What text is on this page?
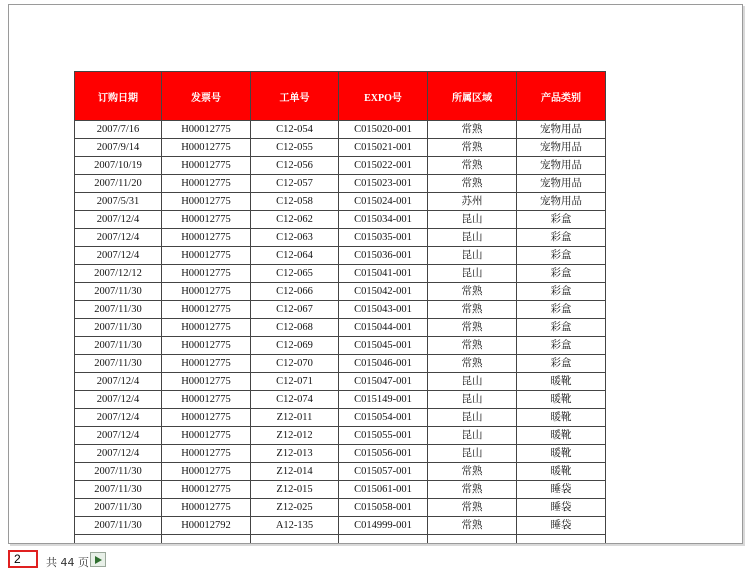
订购日期	发票号	工单号	EXPO号	所属区域	产品类别
2007/7/16	H00012775	C12-054	C015020-001	常熟	宠物用品
2007/9/14	H00012775	C12-055	C015021-001	常熟	宠物用品
2007/10/19	H00012775	C12-056	C015022-001	常熟	宠物用品
2007/11/20	H00012775	C12-057	C015023-001	常熟	宠物用品
2007/5/31	H00012775	C12-058	C015024-001	苏州	宠物用品
2007/12/4	H00012775	C12-062	C015034-001	昆山	彩盒
2007/12/4	H00012775	C12-063	C015035-001	昆山	彩盒
2007/12/4	H00012775	C12-064	C015036-001	昆山	彩盒
2007/12/12	H00012775	C12-065	C015041-001	昆山	彩盒
2007/11/30	H00012775	C12-066	C015042-001	常熟	彩盒
2007/11/30	H00012775	C12-067	C015043-001	常熟	彩盒
2007/11/30	H00012775	C12-068	C015044-001	常熟	彩盒
2007/11/30	H00012775	C12-069	C015045-001	常熟	彩盒
2007/11/30	H00012775	C12-070	C015046-001	常熟	彩盒
2007/12/4	H00012775	C12-071	C015047-001	昆山	暖靴
2007/12/4	H00012775	C12-074	C015149-001	昆山	暖靴
2007/12/4	H00012775	Z12-011	C015054-001	昆山	暖靴
2007/12/4	H00012775	Z12-012	C015055-001	昆山	暖靴
2007/12/4	H00012775	Z12-013	C015056-001	昆山	暖靴
2007/11/30	H00012775	Z12-014	C015057-001	常熟	暖靴
2007/11/30	H00012775	Z12-015	C015061-001	常熟	睡袋
2007/11/30	H00012775	Z12-025	C015058-001	常熟	睡袋
2007/11/30	H00012792	A12-135	C014999-001	常熟	睡袋

2
共 44 页
